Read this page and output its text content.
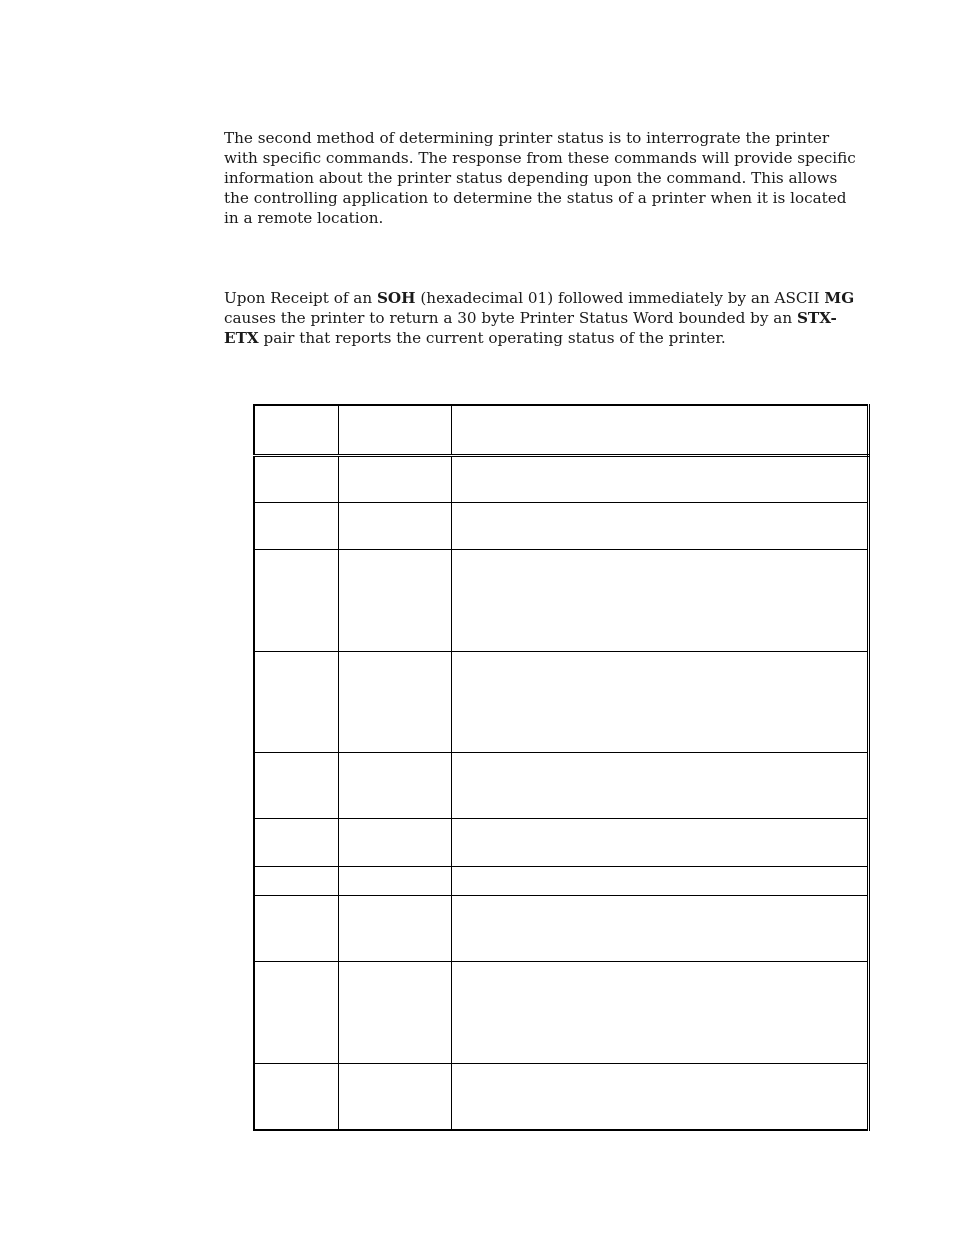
The second method of determining printer status is to interrograte the printer with specific commands. The response from these commands will provide specific information about the printer status depending upon the command. This allows the controlling application to determine the status of a printer when it is located in a remote location.

Upon Receipt of an SOH (hexadecimal 01) followed immediately by an ASCII MG causes the printer to return a 30 byte Printer Status Word bounded by an STX-ETX pair that reports the current operating status of the printer.
